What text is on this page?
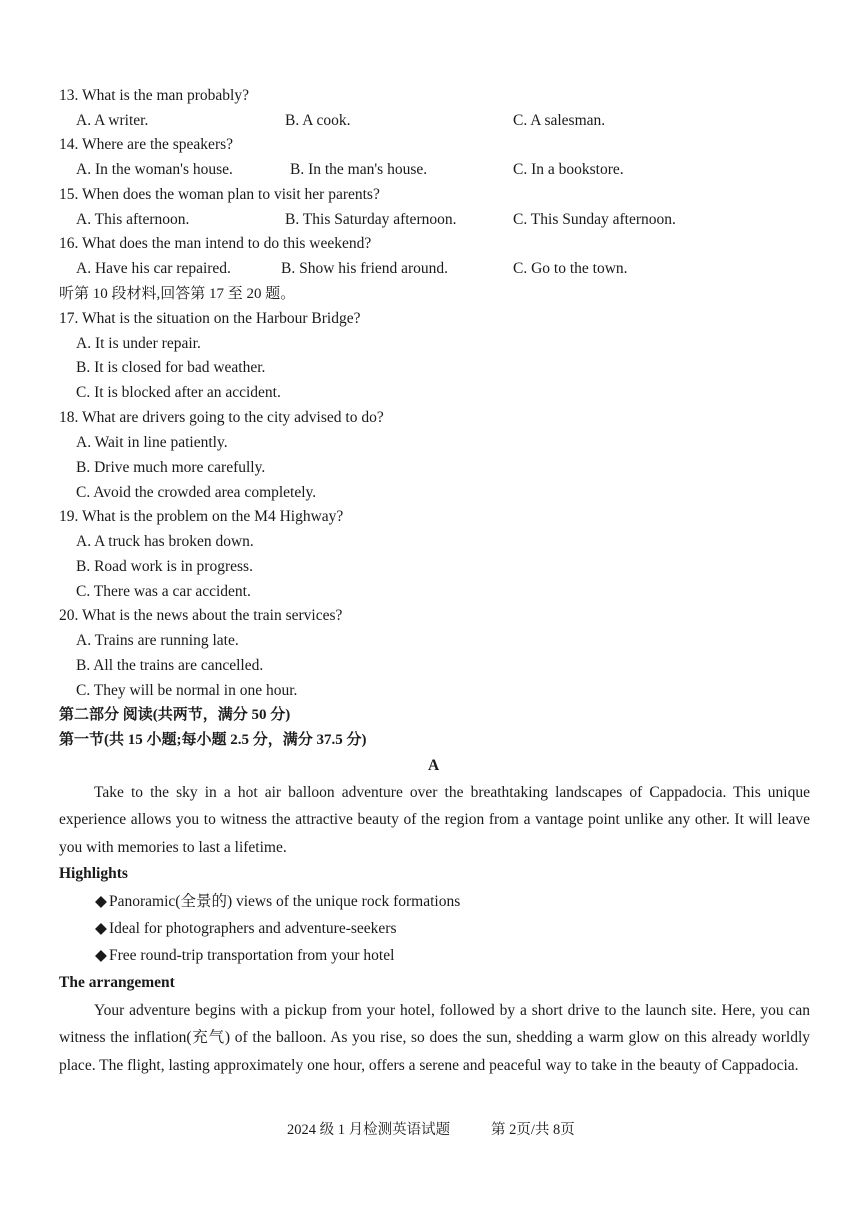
13. What is the man probably?
A. A writer.	B. A cook.	C. A salesman.
14. Where are the speakers?
A. In the woman's house.	B. In the man's house.	C. In a bookstore.
15. When does the woman plan to visit her parents?
A. This afternoon.	B. This Saturday afternoon.	C. This Sunday afternoon.
16. What does the man intend to do this weekend?
A. Have his car repaired.	B. Show his friend around.	C. Go to the town.
听第 10 段材料,回答第 17 至 20 题。
17. What is the situation on the Harbour Bridge?
A. It is under repair.
B. It is closed for bad weather.
C. It is blocked after an accident.
18. What are drivers going to the city advised to do?
A. Wait in line patiently.
B. Drive much more carefully.
C. Avoid the crowded area completely.
19. What is the problem on the M4 Highway?
A. A truck has broken down.
B. Road work is in progress.
C. There was a car accident.
20. What is the news about the train services?
A. Trains are running late.
B. All the trains are cancelled.
C. They will be normal in one hour.
第二部分 阅读(共两节，满分 50 分)
第一节(共 15 小题;每小题 2.5 分，满分 37.5 分)
A

Take to the sky in a hot air balloon adventure over the breathtaking landscapes of Cappadocia. This unique experience allows you to witness the attractive beauty of the region from a vantage point unlike any other. It will leave you with memories to last a lifetime.

Highlights
◆ Panoramic(全景的) views of the unique rock formations
◆ Ideal for photographers and adventure-seekers
◆ Free round-trip transportation from your hotel
The arrangement

Your adventure begins with a pickup from your hotel, followed by a short drive to the launch site. Here, you can witness the inflation(充气) of the balloon. As you rise, so does the sun, shedding a warm glow on this already worldly place. The flight, lasting approximately one hour, offers a serene and peaceful way to take in the beauty of Cappadocia.

2024 级 1 月检测英语试题	第 2页/共 8页
